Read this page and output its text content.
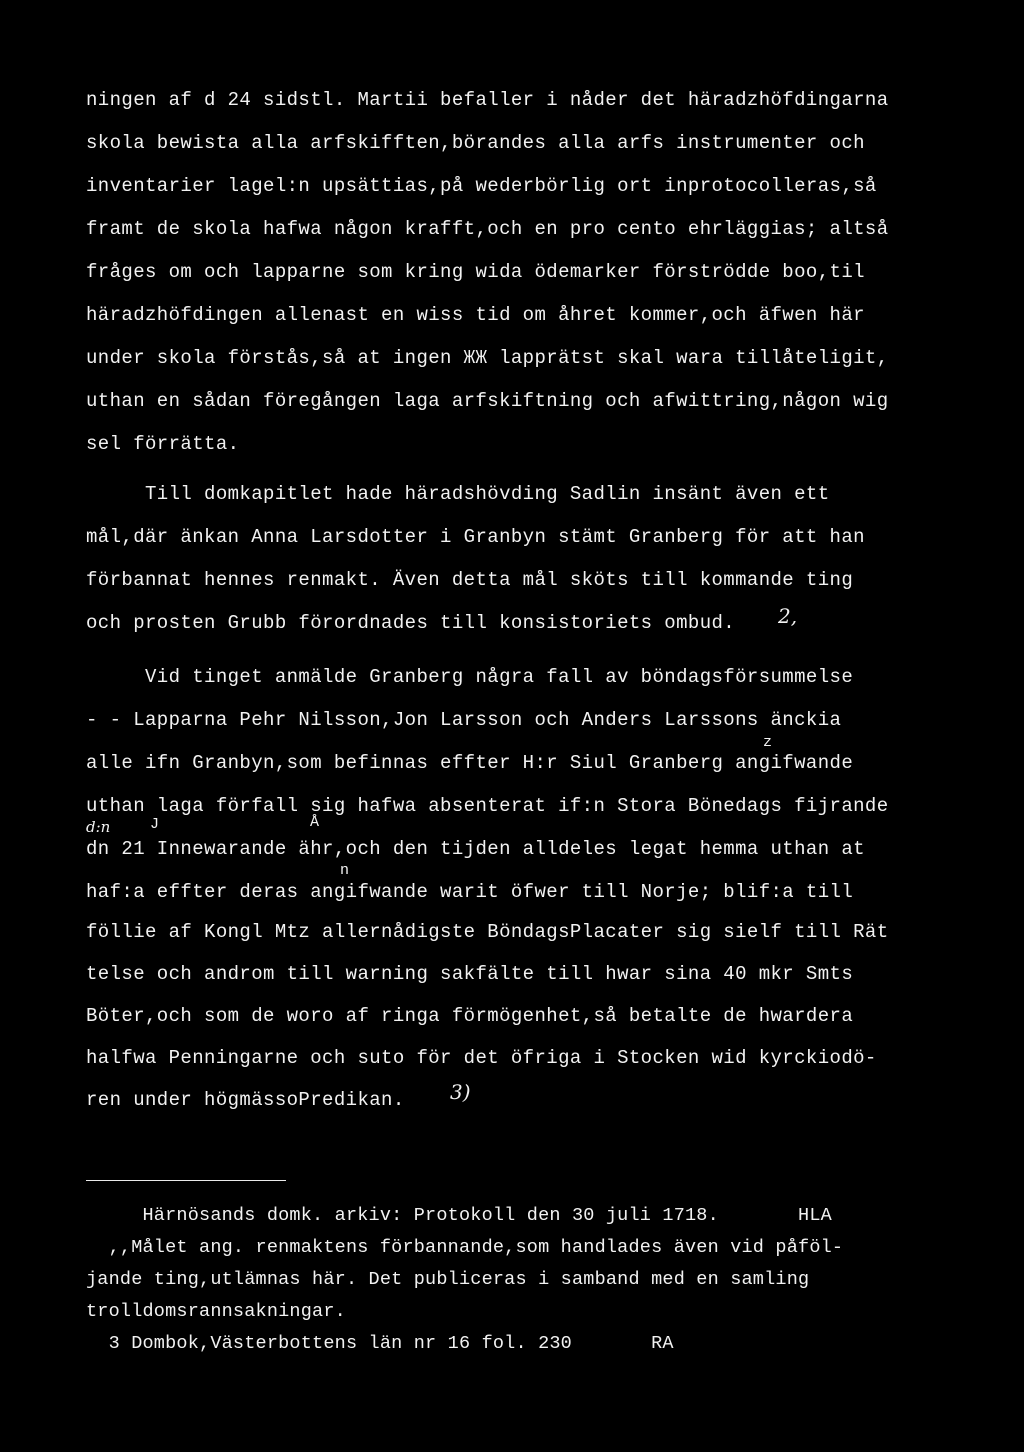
ningen af d 24 sidstl. Martii befaller i nåder det häradzhöfdingarna
skola bewista alla arfskifften,börandes alla arfs instrumenter och
inventarier lagel:n upsättias,på wederbörlig ort inprotocolleras,så
framt de skola hafwa någon krafft,och en pro cento ehrläggias; altså
fråges om och lapparne som kring wida ödemarker förströdde boo,til
häradzhöfdingen allenast en wiss tid om åhret kommer,och äfwen här
under skola förstås,så at ingen ЖЖ lapprätst skal wara tillåteligit,
uthan en sådan föregången laga arfskiftning och afwittring,någon wig
sel förrätta.
Till domkapitlet hade häradshövding Sadlin insänt även ett
mål,där änkan Anna Larsdotter i Granbyn stämt Granberg för att han
förbannat hennes renmakt. Även detta mål sköts till kommande ting
och prosten Grubb förordnades till konsistoriets ombud.
Vid tinget anmälde Granberg några fall av böndagsförsummelse
- - Lapparna Pehr Nilsson,Jon Larsson och Anders Larssons änckia
alle ifn Granbyn,som befinnas effter H:r Siul Granberg angifwande
uthan laga förfall sig hafwa absenterat if:n Stora Bönedags fijrande
dn 21 Innewarande ähr,och den tijden alldeles legat hemma uthan at
haf:a effter deras angifwande warit öfwer till Norje; blif:a till
föllie af Kongl Mtz allernådigste BöndagsPlacater sig sielf till Rät
telse och androm till warning sakfälte till hwar sina 40 mkr Smts
Böter,och som de woro af ringa förmögenhet,så betalte de hwardera
halfwa Penningarne och suto för det öfriga i Stocken wid kyrckiodö-
ren under högmässoPredikan.
2,
3)
z
n
d:n	J	Å
Härnösands domk. arkiv: Protokoll den 30 juli 1718.       HLA
,,Målet ang. renmaktens förbannande,som handlades även vid påföl-
jande ting,utlämnas här. Det publiceras i samband med en samling
trolldomsrannsakningar.
3 Dombok,Västerbottens län nr 16 fol. 230       RA
